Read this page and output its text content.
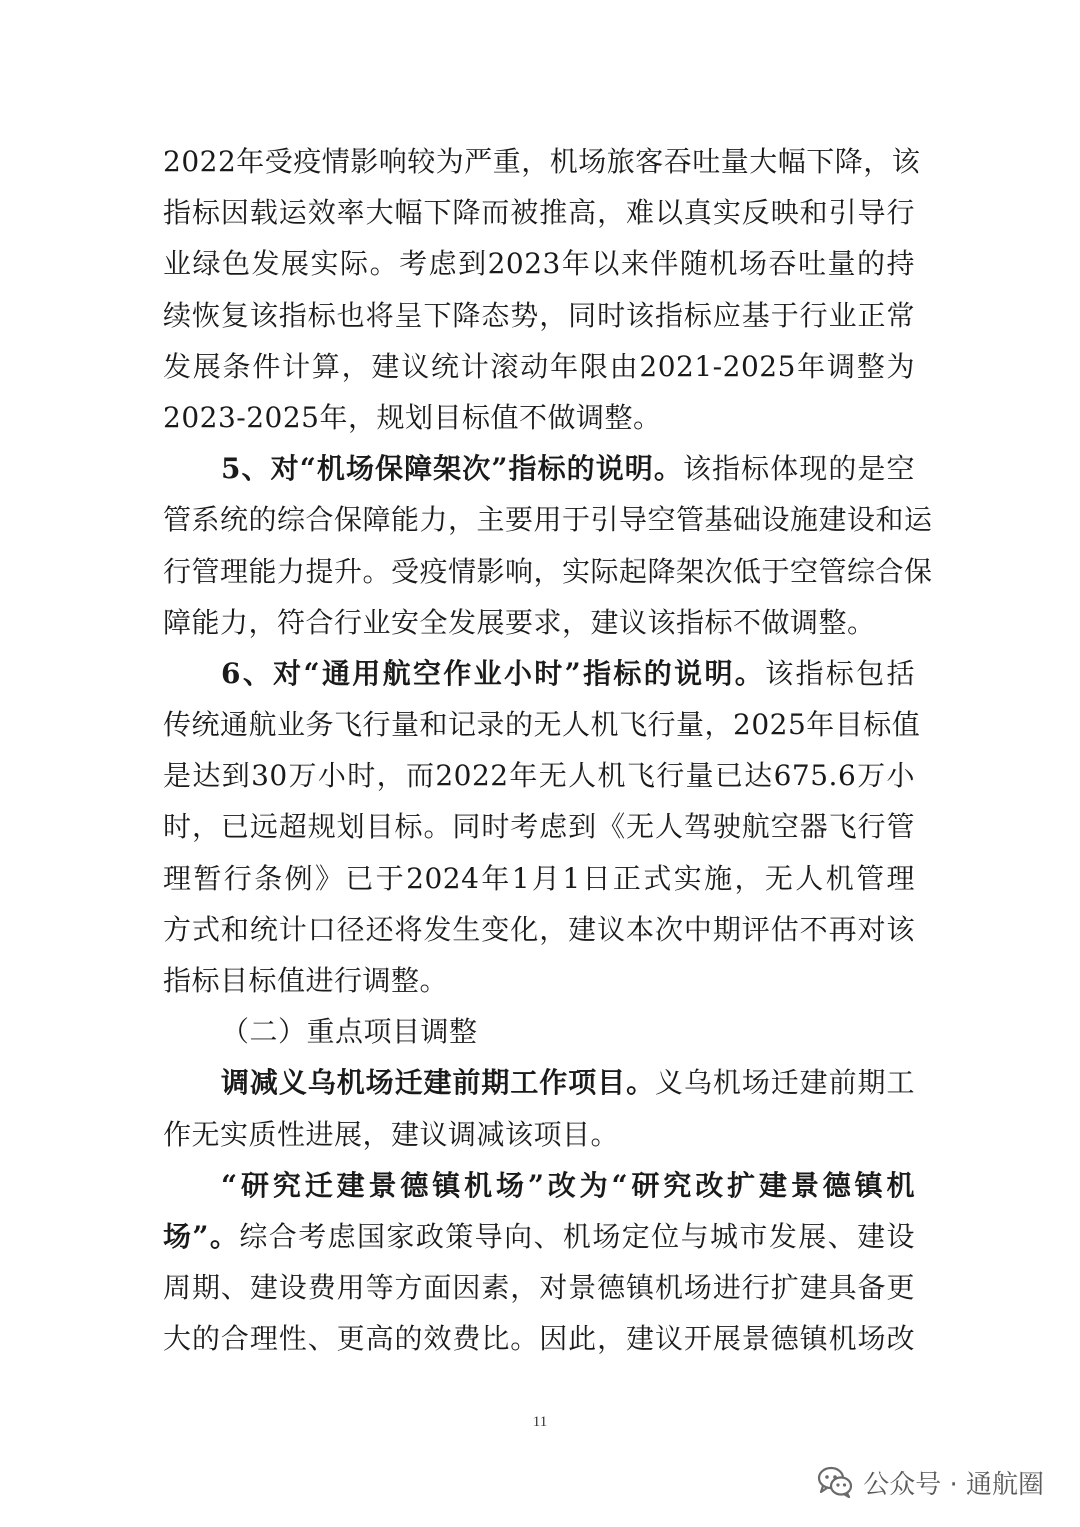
2022年受疫情影响较为严重，机场旅客吞吐量大幅下降，该
指标因载运效率大幅下降而被推高，难以真实反映和引导行
业绿色发展实际。考虑到2023年以来伴随机场吞吐量的持
续恢复该指标也将呈下降态势，同时该指标应基于行业正常
发展条件计算，建议统计滚动年限由2021-2025年调整为
2023-2025年，规划目标值不做调整。
5、对“机场保障架次”指标的说明。该指标体现的是空
管系统的综合保障能力，主要用于引导空管基础设施建设和运
行管理能力提升。受疫情影响，实际起降架次低于空管综合保
障能力，符合行业安全发展要求，建议该指标不做调整。
6、对“通用航空作业小时”指标的说明。该指标包括
传统通航业务飞行量和记录的无人机飞行量，2025年目标值
是达到30万小时，而2022年无人机飞行量已达675.6万小
时，已远超规划目标。同时考虑到《无人驾驶航空器飞行管
理暂行条例》已于2024年1月1日正式实施，无人机管理
方式和统计口径还将发生变化，建议本次中期评估不再对该
指标目标值进行调整。
（二）重点项目调整
调减义乌机场迁建前期工作项目。义乌机场迁建前期工
作无实质性进展，建议调减该项目。
“研究迁建景德镇机场”改为“研究改扩建景德镇机
场”。综合考虑国家政策导向、机场定位与城市发展、建设
周期、建设费用等方面因素，对景德镇机场进行扩建具备更
大的合理性、更高的效费比。因此，建议开展景德镇机场改
11
公众号 · 通航圈
